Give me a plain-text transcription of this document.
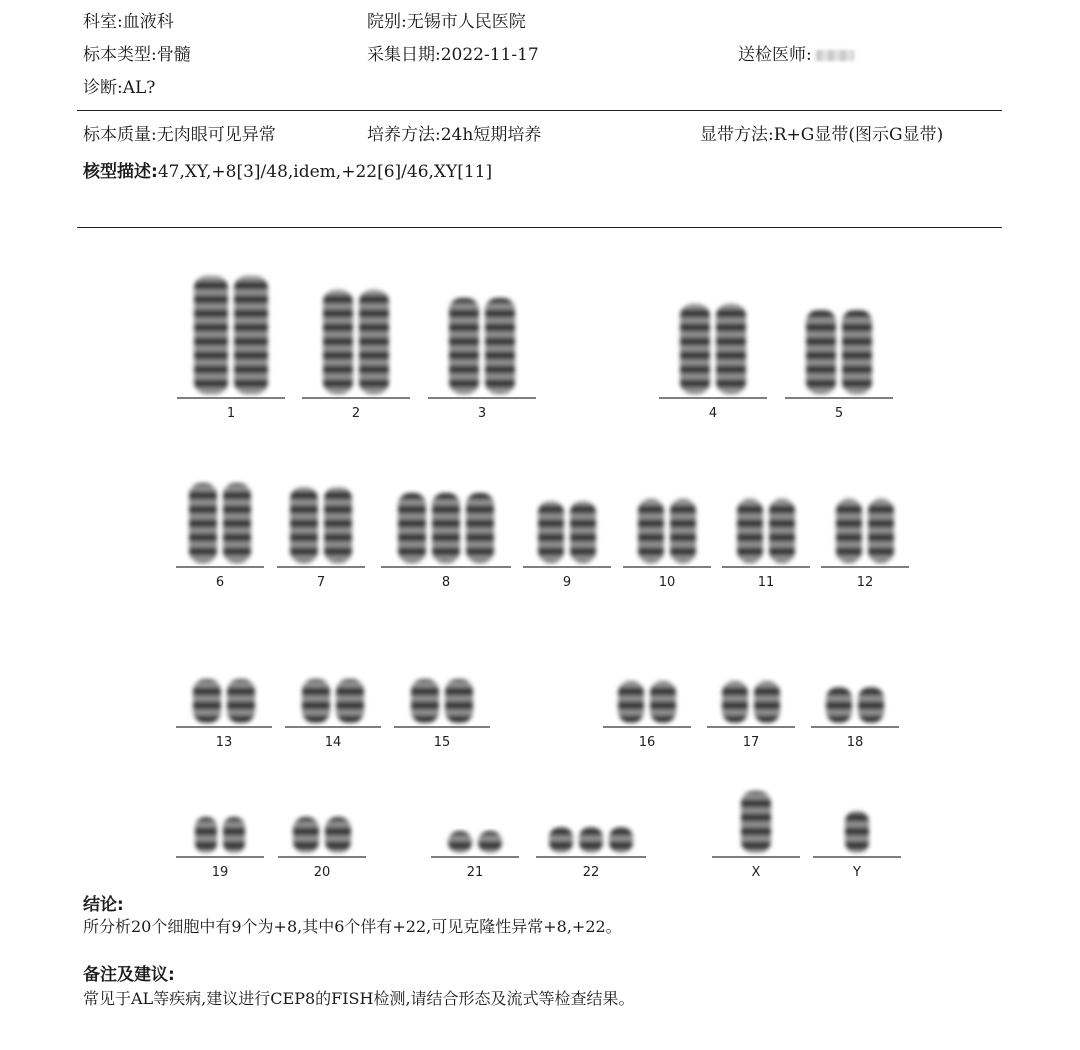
科室:血液科	院别:无锡市人民医院
标本类型:骨髓	采集日期:2022-11-17	送检医师:
诊断:AL?
标本质量:无肉眼可见异常	培养方法:24h短期培养	显带方法:R+G显带(图示G显带)
核型描述:47,XY,+8[3]/48,idem,+22[6]/46,XY[11]
1	2	3	4	5
6	7	8	9	10	11	12
13	14	15	16	17	18
19	20	21	22	X	Y
结论:
所分析20个细胞中有9个为+8,其中6个伴有+22,可见克隆性异常+8,+22。
备注及建议:
常见于AL等疾病,建议进行CEP8的FISH检测,请结合形态及流式等检查结果。
